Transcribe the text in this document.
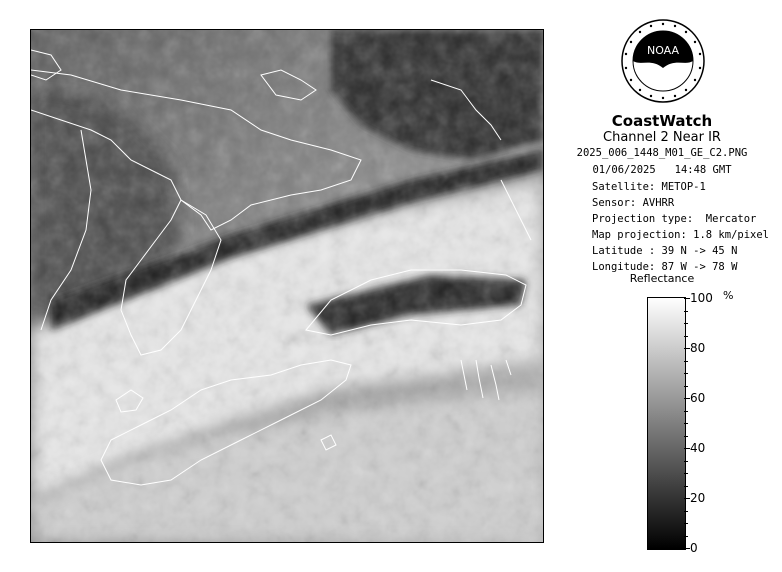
NOAA
CoastWatch
Channel 2 Near IR
2025_006_1448_M01_GE_C2.PNG
01/06/2025   14:48 GMT
Satellite: METOP-1
Sensor: AVHRR
Projection type:  Mercator
Map projection: 1.8 km/pixel
Latitude : 39 N -> 45 N
Longitude: 87 W -> 78 W
Reflectance
%
100
80
60
40
20
0
